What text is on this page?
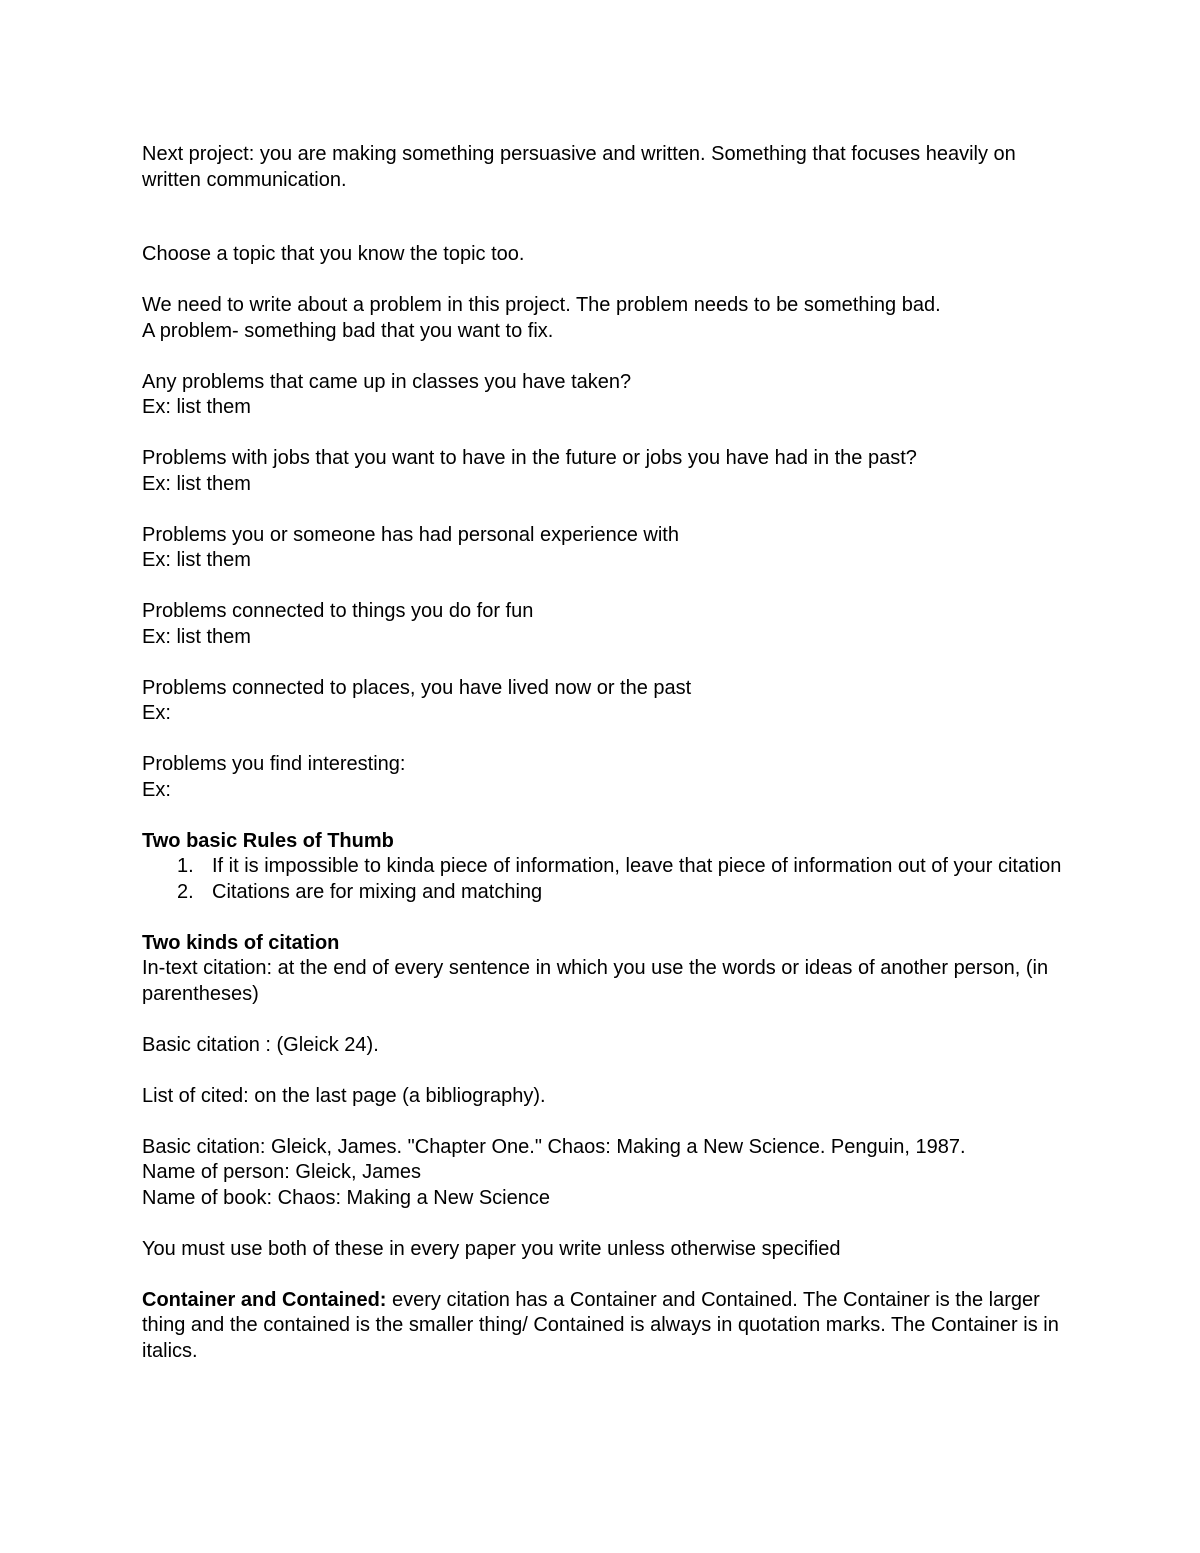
Next project: you are making something persuasive and written. Something that focuses heavily on written communication.

Choose a topic that you know the topic too.

We need to write about a problem in this project. The problem needs to be something bad.

A problem- something bad that you want to fix.

Any problems that came up in classes you have taken?

Ex: list them

Problems with jobs that you want to have in the future or jobs you have had in the past?

Ex: list them

Problems you or someone has had personal experience with

Ex: list them

Problems connected to things you do for fun

Ex: list them

Problems connected to places, you have lived now or the past

Ex:

Problems you find interesting:

Ex:

Two basic Rules of Thumb

1. If it is impossible to kinda piece of information, leave that piece of information out of your citation
2. Citations are for mixing and matching

Two kinds of citation

In-text citation: at the end of every sentence in which you use the words or ideas of another person, (in parentheses)

Basic citation : (Gleick 24).

List of cited: on the last page (a bibliography).

Basic citation: Gleick, James. "Chapter One." Chaos: Making a New Science. Penguin, 1987.

Name of person: Gleick, James

Name of book: Chaos: Making a New Science

You must use both of these in every paper you write unless otherwise specified

Container and Contained: every citation has a Container and Contained. The Container is the larger thing and the contained is the smaller thing/ Contained is always in quotation marks. The Container is in italics.
